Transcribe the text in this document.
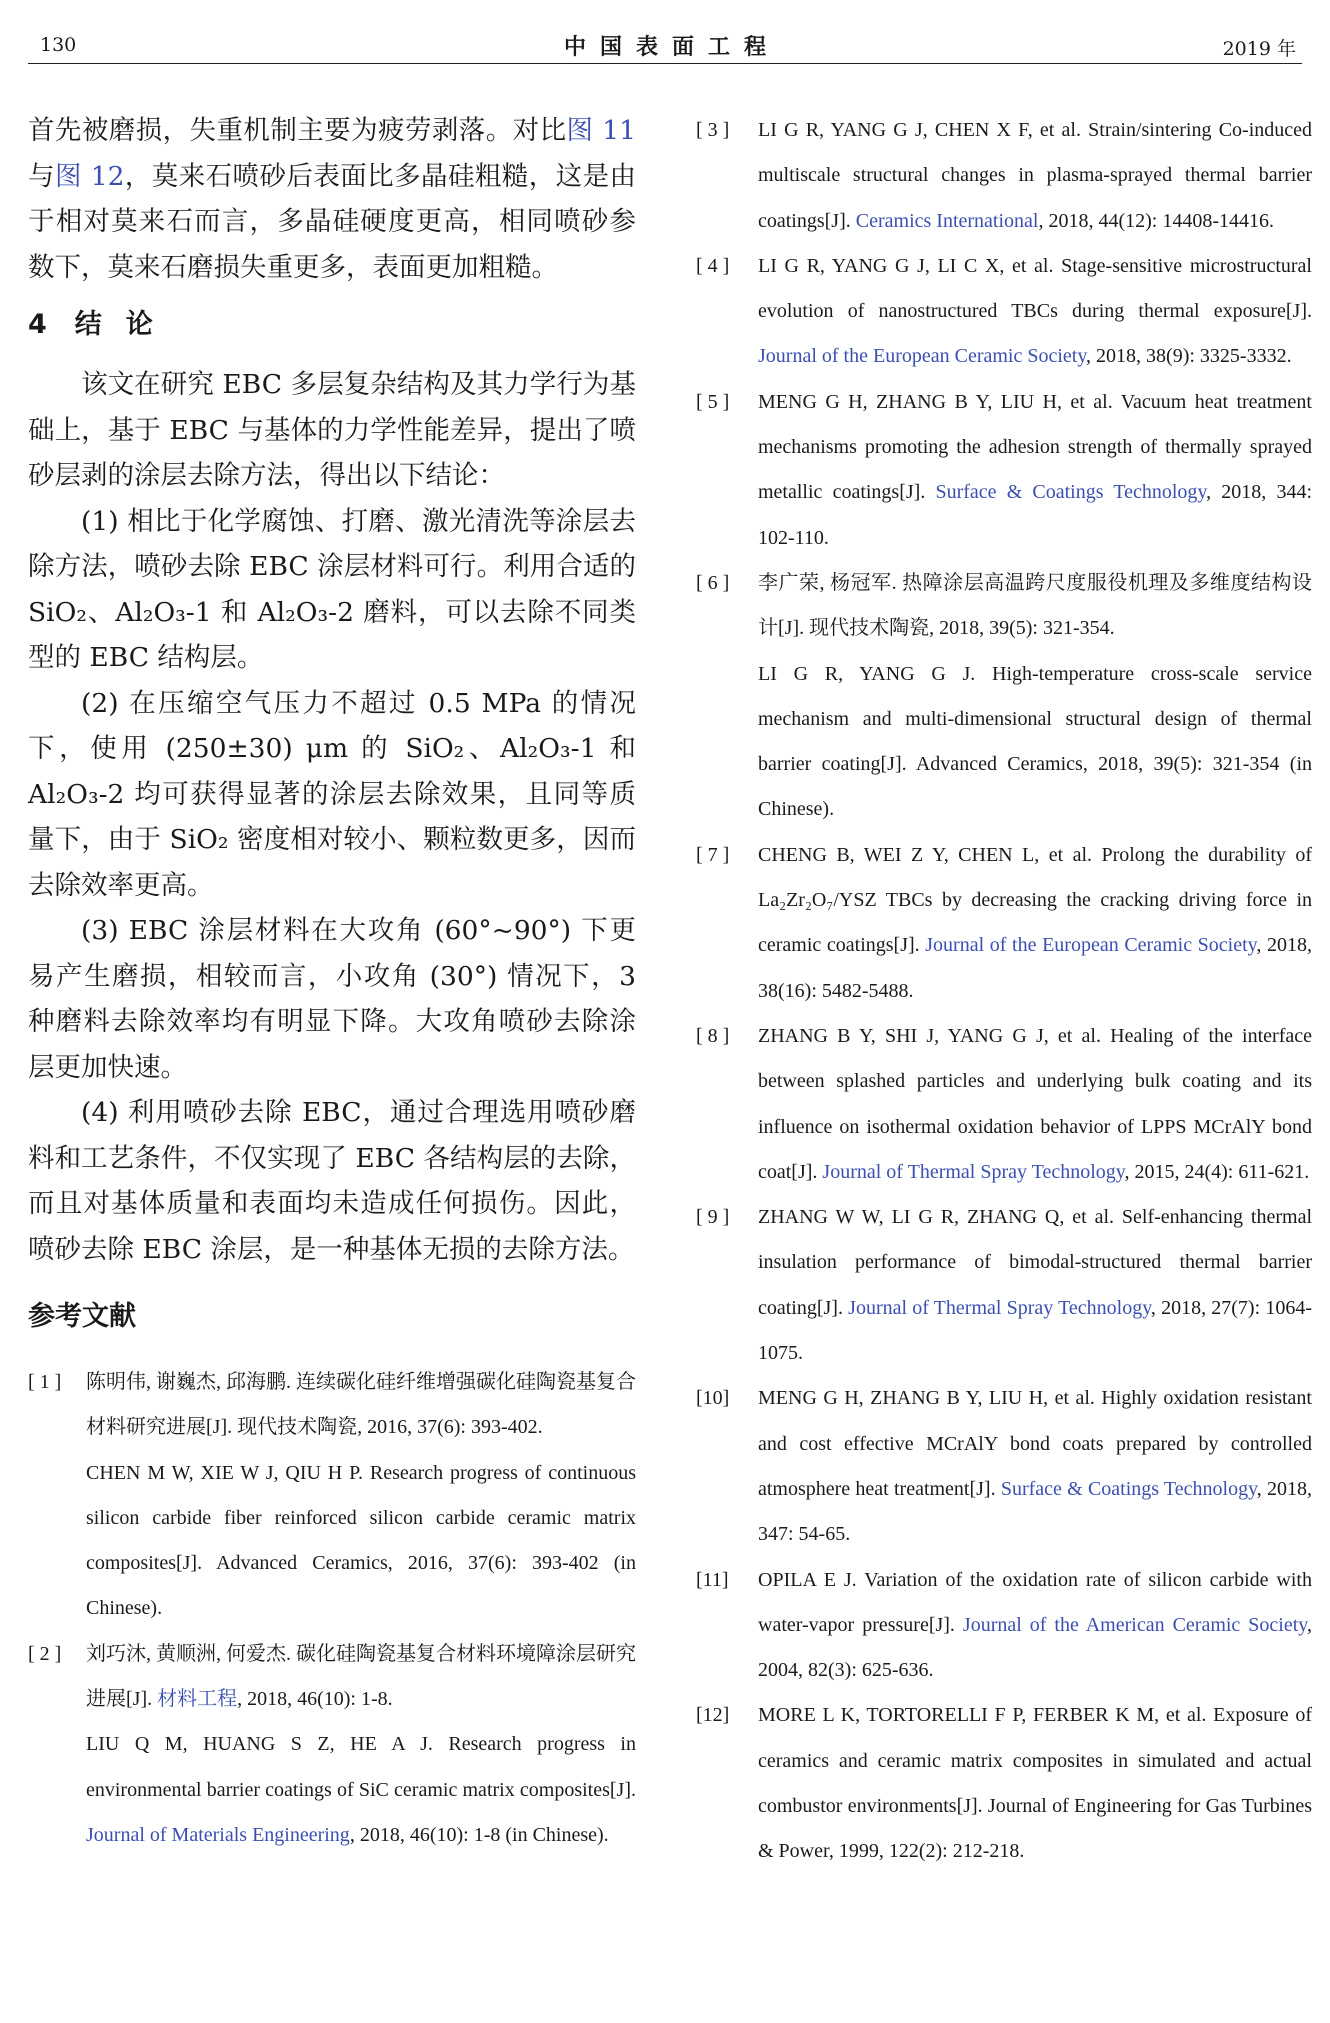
130	中国表面工程	2019 年

首先被磨损，失重机制主要为疲劳剥落。对比图 11 与图 12，莫来石喷砂后表面比多晶硅粗糙，这是由于相对莫来石而言，多晶硅硬度更高，相同喷砂参数下，莫来石磨损失重更多，表面更加粗糙。

4 结论

该文在研究 EBC 多层复杂结构及其力学行为基础上，基于 EBC 与基体的力学性能差异，提出了喷砂层剥的涂层去除方法，得出以下结论：
(1) 相比于化学腐蚀、打磨、激光清洗等涂层去除方法，喷砂去除 EBC 涂层材料可行。利用合适的 SiO₂、Al₂O₃-1 和 Al₂O₃-2 磨料，可以去除不同类型的 EBC 结构层。
(2) 在压缩空气压力不超过 0.5 MPa 的情况下，使用 (250±30) μm 的 SiO₂、Al₂O₃-1 和 Al₂O₃-2 均可获得显著的涂层去除效果，且同等质量下，由于 SiO₂ 密度相对较小、颗粒数更多，因而去除效率更高。
(3) EBC 涂层材料在大攻角 (60°~90°) 下更易产生磨损，相较而言，小攻角 (30°) 情况下，3 种磨料去除效率均有明显下降。大攻角喷砂去除涂层更加快速。
(4) 利用喷砂去除 EBC，通过合理选用喷砂磨料和工艺条件，不仅实现了 EBC 各结构层的去除，而且对基体质量和表面均未造成任何损伤。因此，喷砂去除 EBC 涂层，是一种基体无损的去除方法。

参考文献
[ 1 ]	陈明伟, 谢巍杰, 邱海鹏. 连续碳化硅纤维增强碳化硅陶瓷基复合材料研究进展[J]. 现代技术陶瓷, 2016, 37(6): 393-402.
CHEN M W, XIE W J, QIU H P. Research progress of continuous silicon carbide fiber reinforced silicon carbide ceramic matrix composites[J]. Advanced Ceramics, 2016, 37(6): 393-402 (in Chinese).
[ 2 ]	刘巧沐, 黄顺洲, 何爱杰. 碳化硅陶瓷基复合材料环境障涂层研究进展[J]. 材料工程, 2018, 46(10): 1-8.
LIU Q M, HUANG S Z, HE A J. Research progress in environmental barrier coatings of SiC ceramic matrix composites[J]. Journal of Materials Engineering, 2018, 46(10): 1-8 (in Chinese).
[ 3 ]	LI G R, YANG G J, CHEN X F, et al. Strain/sintering Co-induced multiscale structural changes in plasma-sprayed thermal barrier coatings[J]. Ceramics International, 2018, 44(12): 14408-14416.
[ 4 ]	LI G R, YANG G J, LI C X, et al. Stage-sensitive microstructural evolution of nanostructured TBCs during thermal exposure[J]. Journal of the European Ceramic Society, 2018, 38(9): 3325-3332.
[ 5 ]	MENG G H, ZHANG B Y, LIU H, et al. Vacuum heat treatment mechanisms promoting the adhesion strength of thermally sprayed metallic coatings[J]. Surface & Coatings Technology, 2018, 344: 102-110.
[ 6 ]	李广荣, 杨冠军. 热障涂层高温跨尺度服役机理及多维度结构设计[J]. 现代技术陶瓷, 2018, 39(5): 321-354.
LI G R, YANG G J. High-temperature cross-scale service mechanism and multi-dimensional structural design of thermal barrier coating[J]. Advanced Ceramics, 2018, 39(5): 321-354 (in Chinese).
[ 7 ]	CHENG B, WEI Z Y, CHEN L, et al. Prolong the durability of La₂Zr₂O₇/YSZ TBCs by decreasing the cracking driving force in ceramic coatings[J]. Journal of the European Ceramic Society, 2018, 38(16): 5482-5488.
[ 8 ]	ZHANG B Y, SHI J, YANG G J, et al. Healing of the interface between splashed particles and underlying bulk coating and its influence on isothermal oxidation behavior of LPPS MCrAlY bond coat[J]. Journal of Thermal Spray Technology, 2015, 24(4): 611-621.
[ 9 ]	ZHANG W W, LI G R, ZHANG Q, et al. Self-enhancing thermal insulation performance of bimodal-structured thermal barrier coating[J]. Journal of Thermal Spray Technology, 2018, 27(7): 1064-1075.
[10]	MENG G H, ZHANG B Y, LIU H, et al. Highly oxidation resistant and cost effective MCrAlY bond coats prepared by controlled atmosphere heat treatment[J]. Surface & Coatings Technology, 2018, 347: 54-65.
[11]	OPILA E J. Variation of the oxidation rate of silicon carbide with water-vapor pressure[J]. Journal of the American Ceramic Society, 2004, 82(3): 625-636.
[12]	MORE L K, TORTORELLI F P, FERBER K M, et al. Exposure of ceramics and ceramic matrix composites in simulated and actual combustor environments[J]. Journal of Engineering for Gas Turbines & Power, 1999, 122(2): 212-218.
